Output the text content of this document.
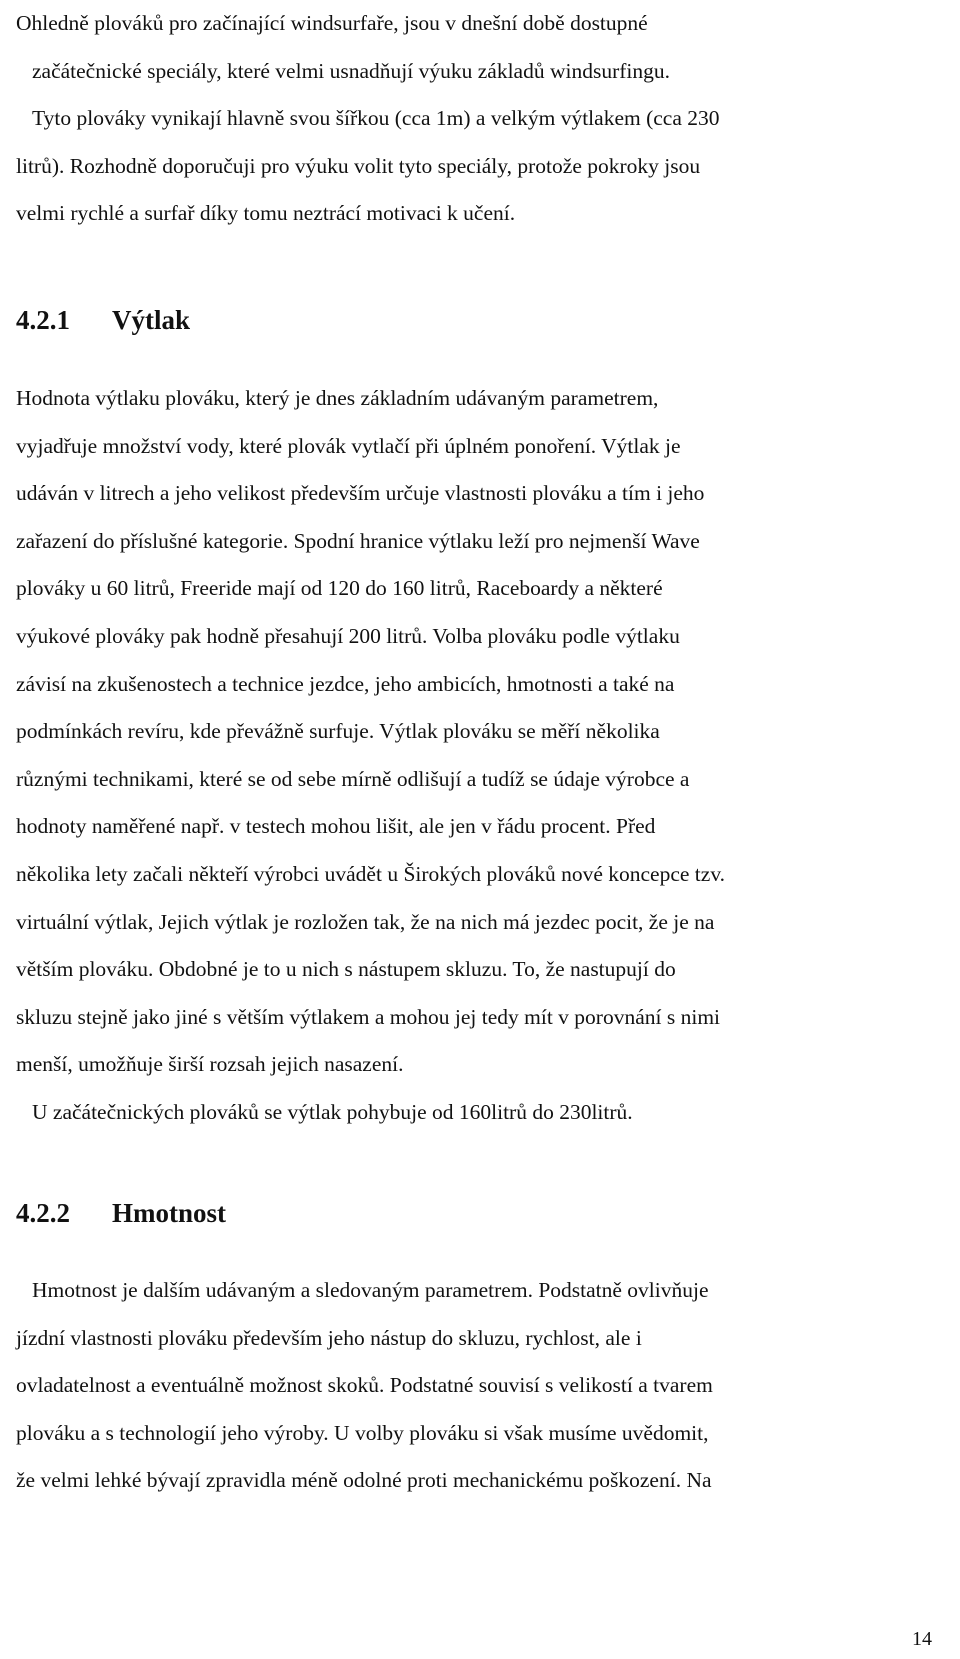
Ohledně plováků pro začínající windsurfaře, jsou v dnešní době dostupné
začátečnické speciály, které velmi usnadňují výuku základů windsurfingu.
Tyto plováky vynikají hlavně svou šířkou (cca 1m) a velkým výtlakem (cca 230
litrů). Rozhodně doporučuji pro výuku volit tyto speciály, protože pokroky jsou
velmi rychlé a surfař díky tomu neztrácí motivaci k učení.
4.2.1 Výtlak
Hodnota výtlaku plováku, který je dnes základním udávaným parametrem,
vyjadřuje množství vody, které plovák vytlačí při úplném ponoření. Výtlak je
udáván v litrech a jeho velikost především určuje vlastnosti plováku a tím i jeho
zařazení do příslušné kategorie. Spodní hranice výtlaku leží pro nejmenší Wave
plováky u 60 litrů, Freeride mají od 120 do 160 litrů, Raceboardy a některé
výukové plováky pak hodně přesahují 200 litrů. Volba plováku podle výtlaku
závisí na zkušenostech a technice jezdce, jeho ambicích, hmotnosti a také na
podmínkách revíru, kde převážně surfuje. Výtlak plováku se měří několika
různými technikami, které se od sebe mírně odlišují a tudíž se údaje výrobce a
hodnoty naměřené např. v testech mohou lišit, ale jen v řádu procent. Před
několika lety začali někteří výrobci uvádět u Širokých plováků nové koncepce tzv.
virtuální výtlak, Jejich výtlak je rozložen tak, že na nich má jezdec pocit, že je na
větším plováku. Obdobné je to u nich s nástupem skluzu. To, že nastupují do
skluzu stejně jako jiné s větším výtlakem a mohou jej tedy mít v porovnání s nimi
menší, umožňuje širší rozsah jejich nasazení.
U začátečnických plováků se výtlak pohybuje od 160litrů do 230litrů.
4.2.2 Hmotnost
Hmotnost je dalším udávaným a sledovaným parametrem. Podstatně ovlivňuje
jízdní vlastnosti plováku především jeho nástup do skluzu, rychlost, ale i
ovladatelnost a eventuálně možnost skoků. Podstatné souvisí s velikostí a tvarem
plováku a s technologií jeho výroby. U volby plováku si však musíme uvědomit,
že velmi lehké bývají zpravidla méně odolné proti mechanickému poškození. Na

14
